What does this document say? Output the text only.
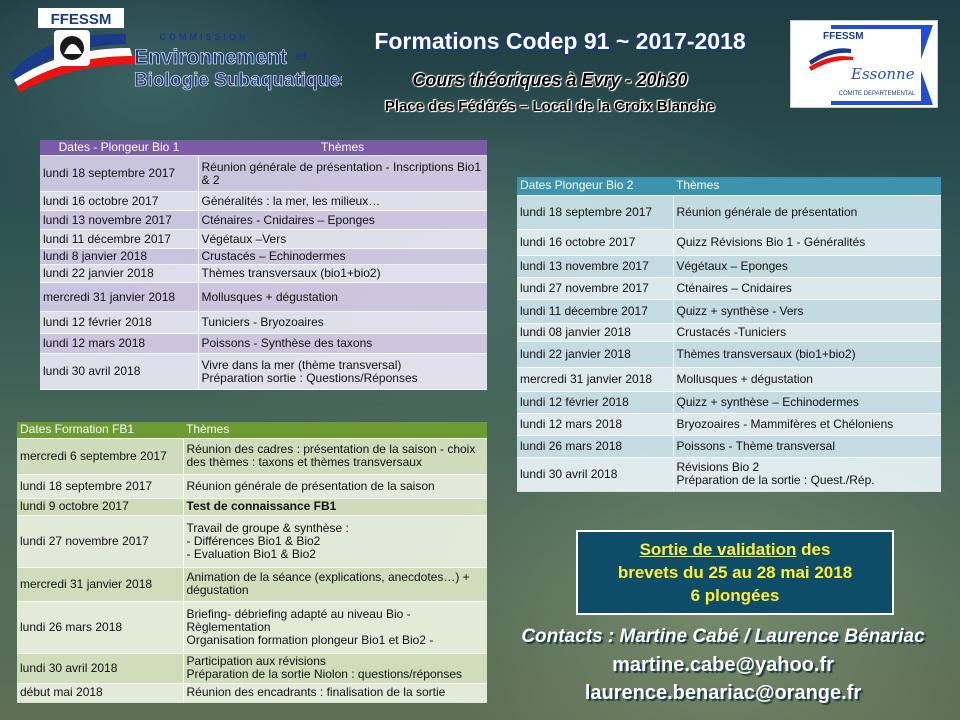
FFESSM
COMMISSION
Environnement et
Biologie Subaquatiques
FFESSM
Essonne
COMITE DEPARTEMENTAL
Formations Codep 91 ~ 2017-2018
Cours théoriques à Evry - 20h30
Place des Fédérés – Local de la Croix Blanche
Dates - Plongeur Bio 1	Thèmes
lundi 18 septembre 2017	Réunion générale de présentation - Inscriptions Bio1 & 2
lundi 16 octobre 2017	Généralités : la mer, les milieux…
lundi 13 novembre 2017	Cténaires - Cnidaires – Eponges
lundi 11 décembre 2017	Végétaux –Vers
lundi 8 janvier 2018	Crustacés – Echinodermes
lundi 22 janvier 2018	Thèmes transversaux (bio1+bio2)
mercredi 31 janvier 2018	Mollusques + dégustation
lundi 12 février 2018	Tuniciers - Bryozoaires
lundi 12 mars 2018	Poissons - Synthèse des taxons
lundi 30 avril 2018	Vivre dans la mer (thème transversal)
Préparation sortie : Questions/Réponses
Dates Plongeur Bio 2	Thèmes
lundi 18 septembre 2017	Réunion générale de présentation
lundi 16 octobre 2017	Quizz Révisions Bio 1 - Généralités
lundi 13 novembre 2017	Végétaux – Eponges
lundi 27 novembre 2017	Cténaires – Cnidaires
lundi 11 décembre 2017	Quizz + synthèse - Vers
lundi 08 janvier 2018	Crustacés -Tuniciers
lundi 22 janvier 2018	Thèmes transversaux (bio1+bio2)
mercredi 31 janvier 2018	Mollusques + dégustation
lundi 12 février 2018	Quizz + synthèse – Echinodermes
lundi 12 mars 2018	Bryozoaires - Mammifères et Chéloniens
lundi 26 mars 2018	Poissons - Thème transversal
lundi 30 avril 2018	Révisions Bio 2
Préparation de la sortie : Quest./Rép.
Dates Formation FB1	Thèmes
mercredi 6 septembre 2017	Réunion des cadres : présentation de la saison - choix des thèmes : taxons et thèmes transversaux
lundi 18 septembre 2017	Réunion générale de présentation de la saison
lundi 9 octobre 2017	Test de connaissance FB1
lundi 27 novembre 2017	Travail de groupe & synthèse :
- Différences Bio1 & Bio2
- Evaluation Bio1 & Bio2

mercredi 31 janvier 2018	Animation de la séance (explications, anecdotes…) + dégustation
lundi 26 mars 2018	Briefing- débriefing adapté au niveau Bio - Règlementation
Organisation formation plongeur Bio1 et Bio2 -

lundi 30 avril 2018	Participation aux révisions
Préparation de la sortie Niolon : questions/réponses

début mai 2018	Réunion des encadrants : finalisation de la sortie
Sortie de validation des
brevets du 25 au 28 mai 2018
6 plongées
Contacts : Martine Cabé / Laurence Bénariac
martine.cabe@yahoo.fr
laurence.benariac@orange.fr
